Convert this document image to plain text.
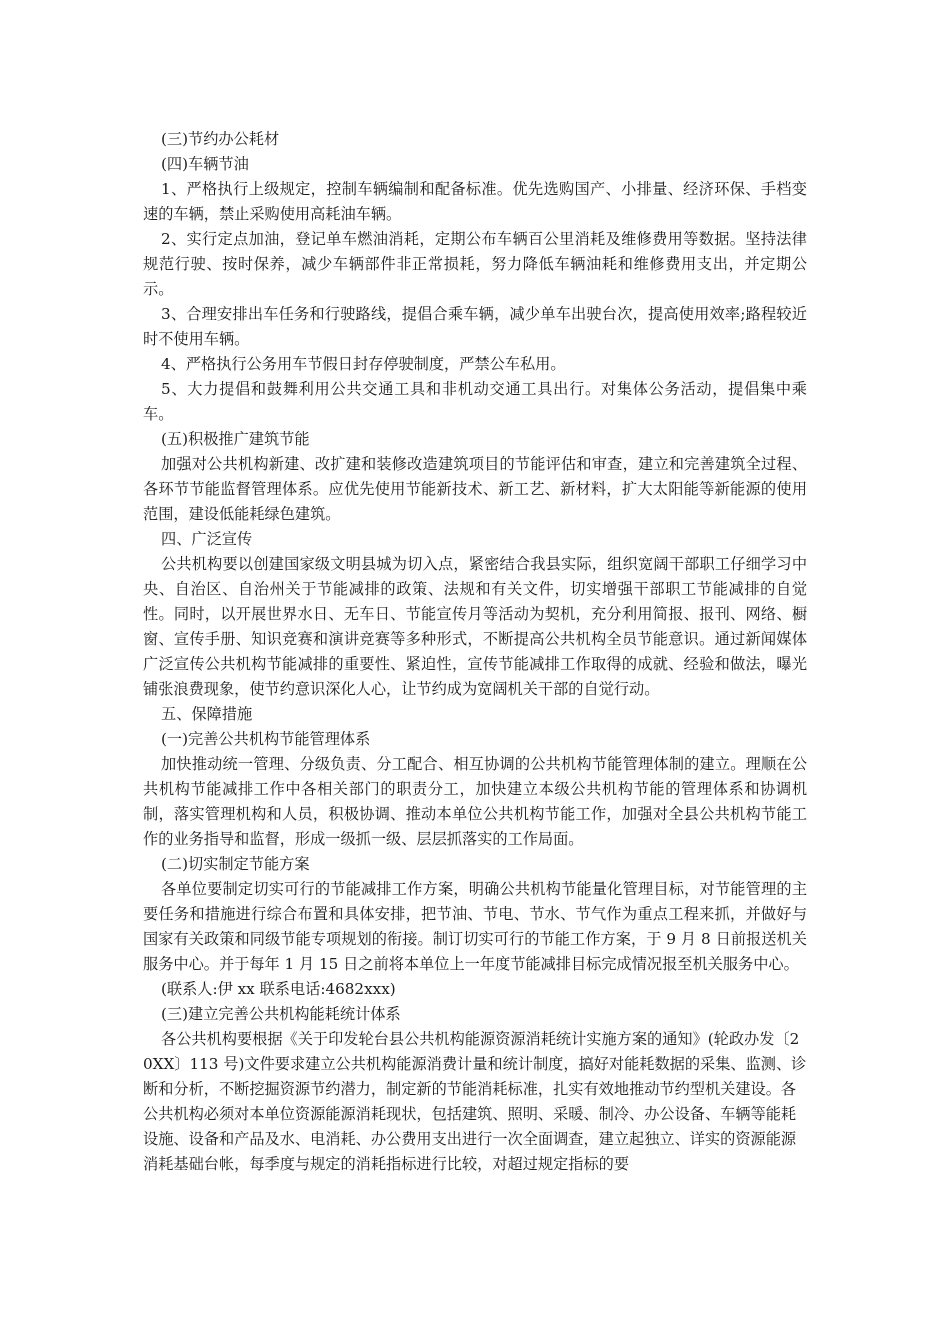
(三)节约办公耗材

(四)车辆节油

1、严格执行上级规定，控制车辆编制和配备标准。优先选购国产、小排量、经济环保、手档变速的车辆，禁止采购使用高耗油车辆。

2、实行定点加油，登记单车燃油消耗，定期公布车辆百公里消耗及维修费用等数据。坚持法律规范行驶、按时保养，减少车辆部件非正常损耗，努力降低车辆油耗和维修费用支出，并定期公示。

3、合理安排出车任务和行驶路线，提倡合乘车辆，减少单车出驶台次，提高使用效率;路程较近时不使用车辆。

4、严格执行公务用车节假日封存停驶制度，严禁公车私用。

5、大力提倡和鼓舞利用公共交通工具和非机动交通工具出行。对集体公务活动，提倡集中乘车。

(五)积极推广建筑节能

加强对公共机构新建、改扩建和装修改造建筑项目的节能评估和审查，建立和完善建筑全过程、各环节节能监督管理体系。应优先使用节能新技术、新工艺、新材料，扩大太阳能等新能源的使用范围，建设低能耗绿色建筑。

四、广泛宣传

公共机构要以创建国家级文明县城为切入点，紧密结合我县实际，组织宽阔干部职工仔细学习中央、自治区、自治州关于节能减排的政策、法规和有关文件，切实增强干部职工节能减排的自觉性。同时，以开展世界水日、无车日、节能宣传月等活动为契机，充分利用简报、报刊、网络、橱窗、宣传手册、知识竞赛和演讲竞赛等多种形式，不断提高公共机构全员节能意识。通过新闻媒体广泛宣传公共机构节能减排的重要性、紧迫性，宣传节能减排工作取得的成就、经验和做法，曝光铺张浪费现象，使节约意识深化人心，让节约成为宽阔机关干部的自觉行动。

五、保障措施

(一)完善公共机构节能管理体系

加快推动统一管理、分级负责、分工配合、相互协调的公共机构节能管理体制的建立。理顺在公共机构节能减排工作中各相关部门的职责分工，加快建立本级公共机构节能的管理体系和协调机制，落实管理机构和人员，积极协调、推动本单位公共机构节能工作，加强对全县公共机构节能工作的业务指导和监督，形成一级抓一级、层层抓落实的工作局面。

(二)切实制定节能方案

各单位要制定切实可行的节能减排工作方案，明确公共机构节能量化管理目标，对节能管理的主要任务和措施进行综合布置和具体安排，把节油、节电、节水、节气作为重点工程来抓，并做好与国家有关政策和同级节能专项规划的衔接。制订切实可行的节能工作方案，于 9 月 8 日前报送机关服务中心。并于每年 1 月 15 日之前将本单位上一年度节能减排目标完成情况报至机关服务中心。

(联系人:伊 xx 联系电话:4682xxx)

(三)建立完善公共机构能耗统计体系

各公共机构要根据《关于印发轮台县公共机构能源资源消耗统计实施方案的通知》(轮政办发〔20XX〕113 号)文件要求建立公共机构能源消费计量和统计制度，搞好对能耗数据的采集、监测、诊断和分析，不断挖掘资源节约潜力，制定新的节能消耗标准，扎实有效地推动节约型机关建设。各公共机构必须对本单位资源能源消耗现状，包括建筑、照明、采暖、制冷、办公设备、车辆等能耗设施、设备和产品及水、电消耗、办公费用支出进行一次全面调查，建立起独立、详实的资源能源消耗基础台帐，每季度与规定的消耗指标进行比较，对超过规定指标的要
